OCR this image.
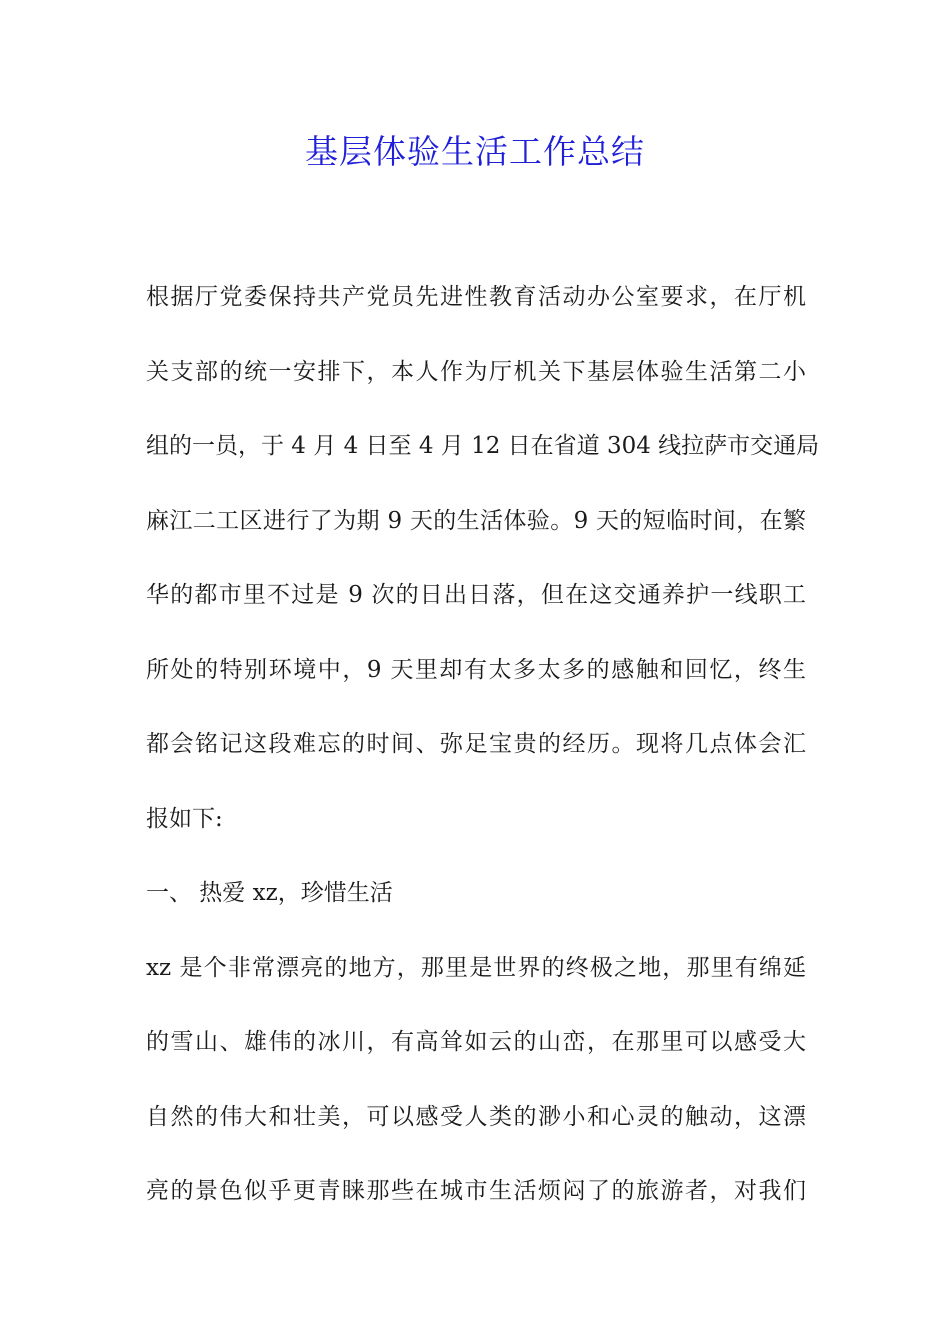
基层体验生活工作总结
根据厅党委保持共产党员先进性教育活动办公室要求，在厅机
关支部的统一安排下，本人作为厅机关下基层体验生活第二小
组的一员，于 4 月 4 日至 4 月 12 日在省道 304 线拉萨市交通局
麻江二工区进行了为期 9 天的生活体验。9 天的短临时间，在繁
华的都市里不过是 9 次的日出日落，但在这交通养护一线职工
所处的特别环境中，9 天里却有太多太多的感触和回忆，终生
都会铭记这段难忘的时间、弥足宝贵的经历。现将几点体会汇
报如下:
一、 热爱 xz，珍惜生活
xz 是个非常漂亮的地方，那里是世界的终极之地，那里有绵延
的雪山、雄伟的冰川，有高耸如云的山峦，在那里可以感受大
自然的伟大和壮美，可以感受人类的渺小和心灵的触动，这漂
亮的景色似乎更青睐那些在城市生活烦闷了的旅游者，对我们
